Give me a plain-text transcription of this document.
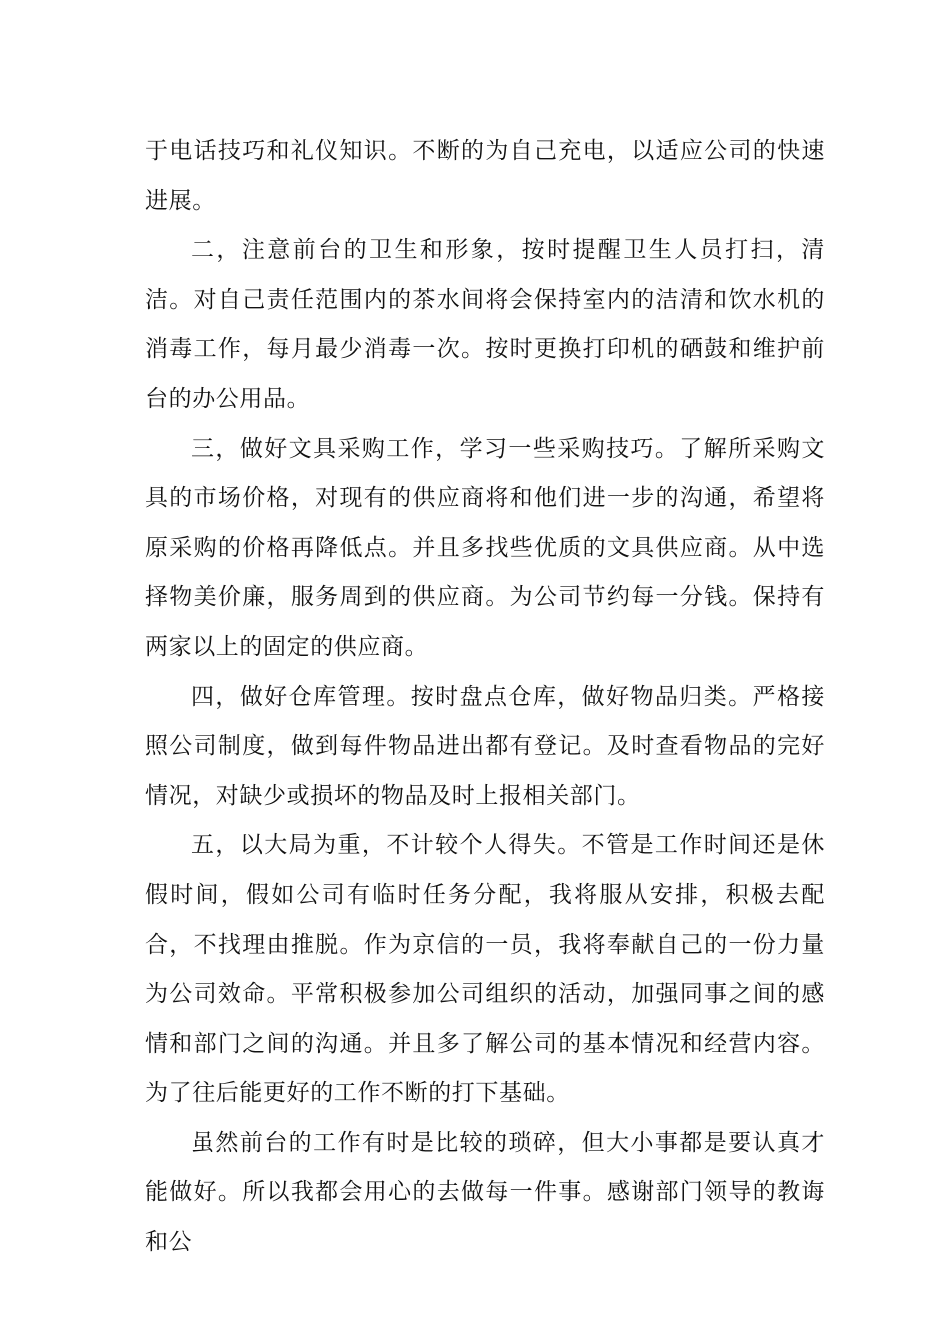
于电话技巧和礼仪知识。不断的为自己充电，以适应公司的快速进展。

二，注意前台的卫生和形象，按时提醒卫生人员打扫，清洁。对自己责任范围内的茶水间将会保持室内的洁清和饮水机的消毒工作，每月最少消毒一次。按时更换打印机的硒鼓和维护前台的办公用品。

三，做好文具采购工作，学习一些采购技巧。了解所采购文具的市场价格，对现有的供应商将和他们进一步的沟通，希望将原采购的价格再降低点。并且多找些优质的文具供应商。从中选择物美价廉，服务周到的供应商。为公司节约每一分钱。保持有两家以上的固定的供应商。

四，做好仓库管理。按时盘点仓库，做好物品归类。严格接照公司制度，做到每件物品进出都有登记。及时查看物品的完好情况，对缺少或损坏的物品及时上报相关部门。

五，以大局为重，不计较个人得失。不管是工作时间还是休假时间，假如公司有临时任务分配，我将服从安排，积极去配合，不找理由推脱。作为京信的一员，我将奉献自己的一份力量为公司效命。平常积极参加公司组织的活动，加强同事之间的感情和部门之间的沟通。并且多了解公司的基本情况和经营内容。为了往后能更好的工作不断的打下基础。

虽然前台的工作有时是比较的琐碎，但大小事都是要认真才能做好。所以我都会用心的去做每一件事。感谢部门领导的教诲和公
